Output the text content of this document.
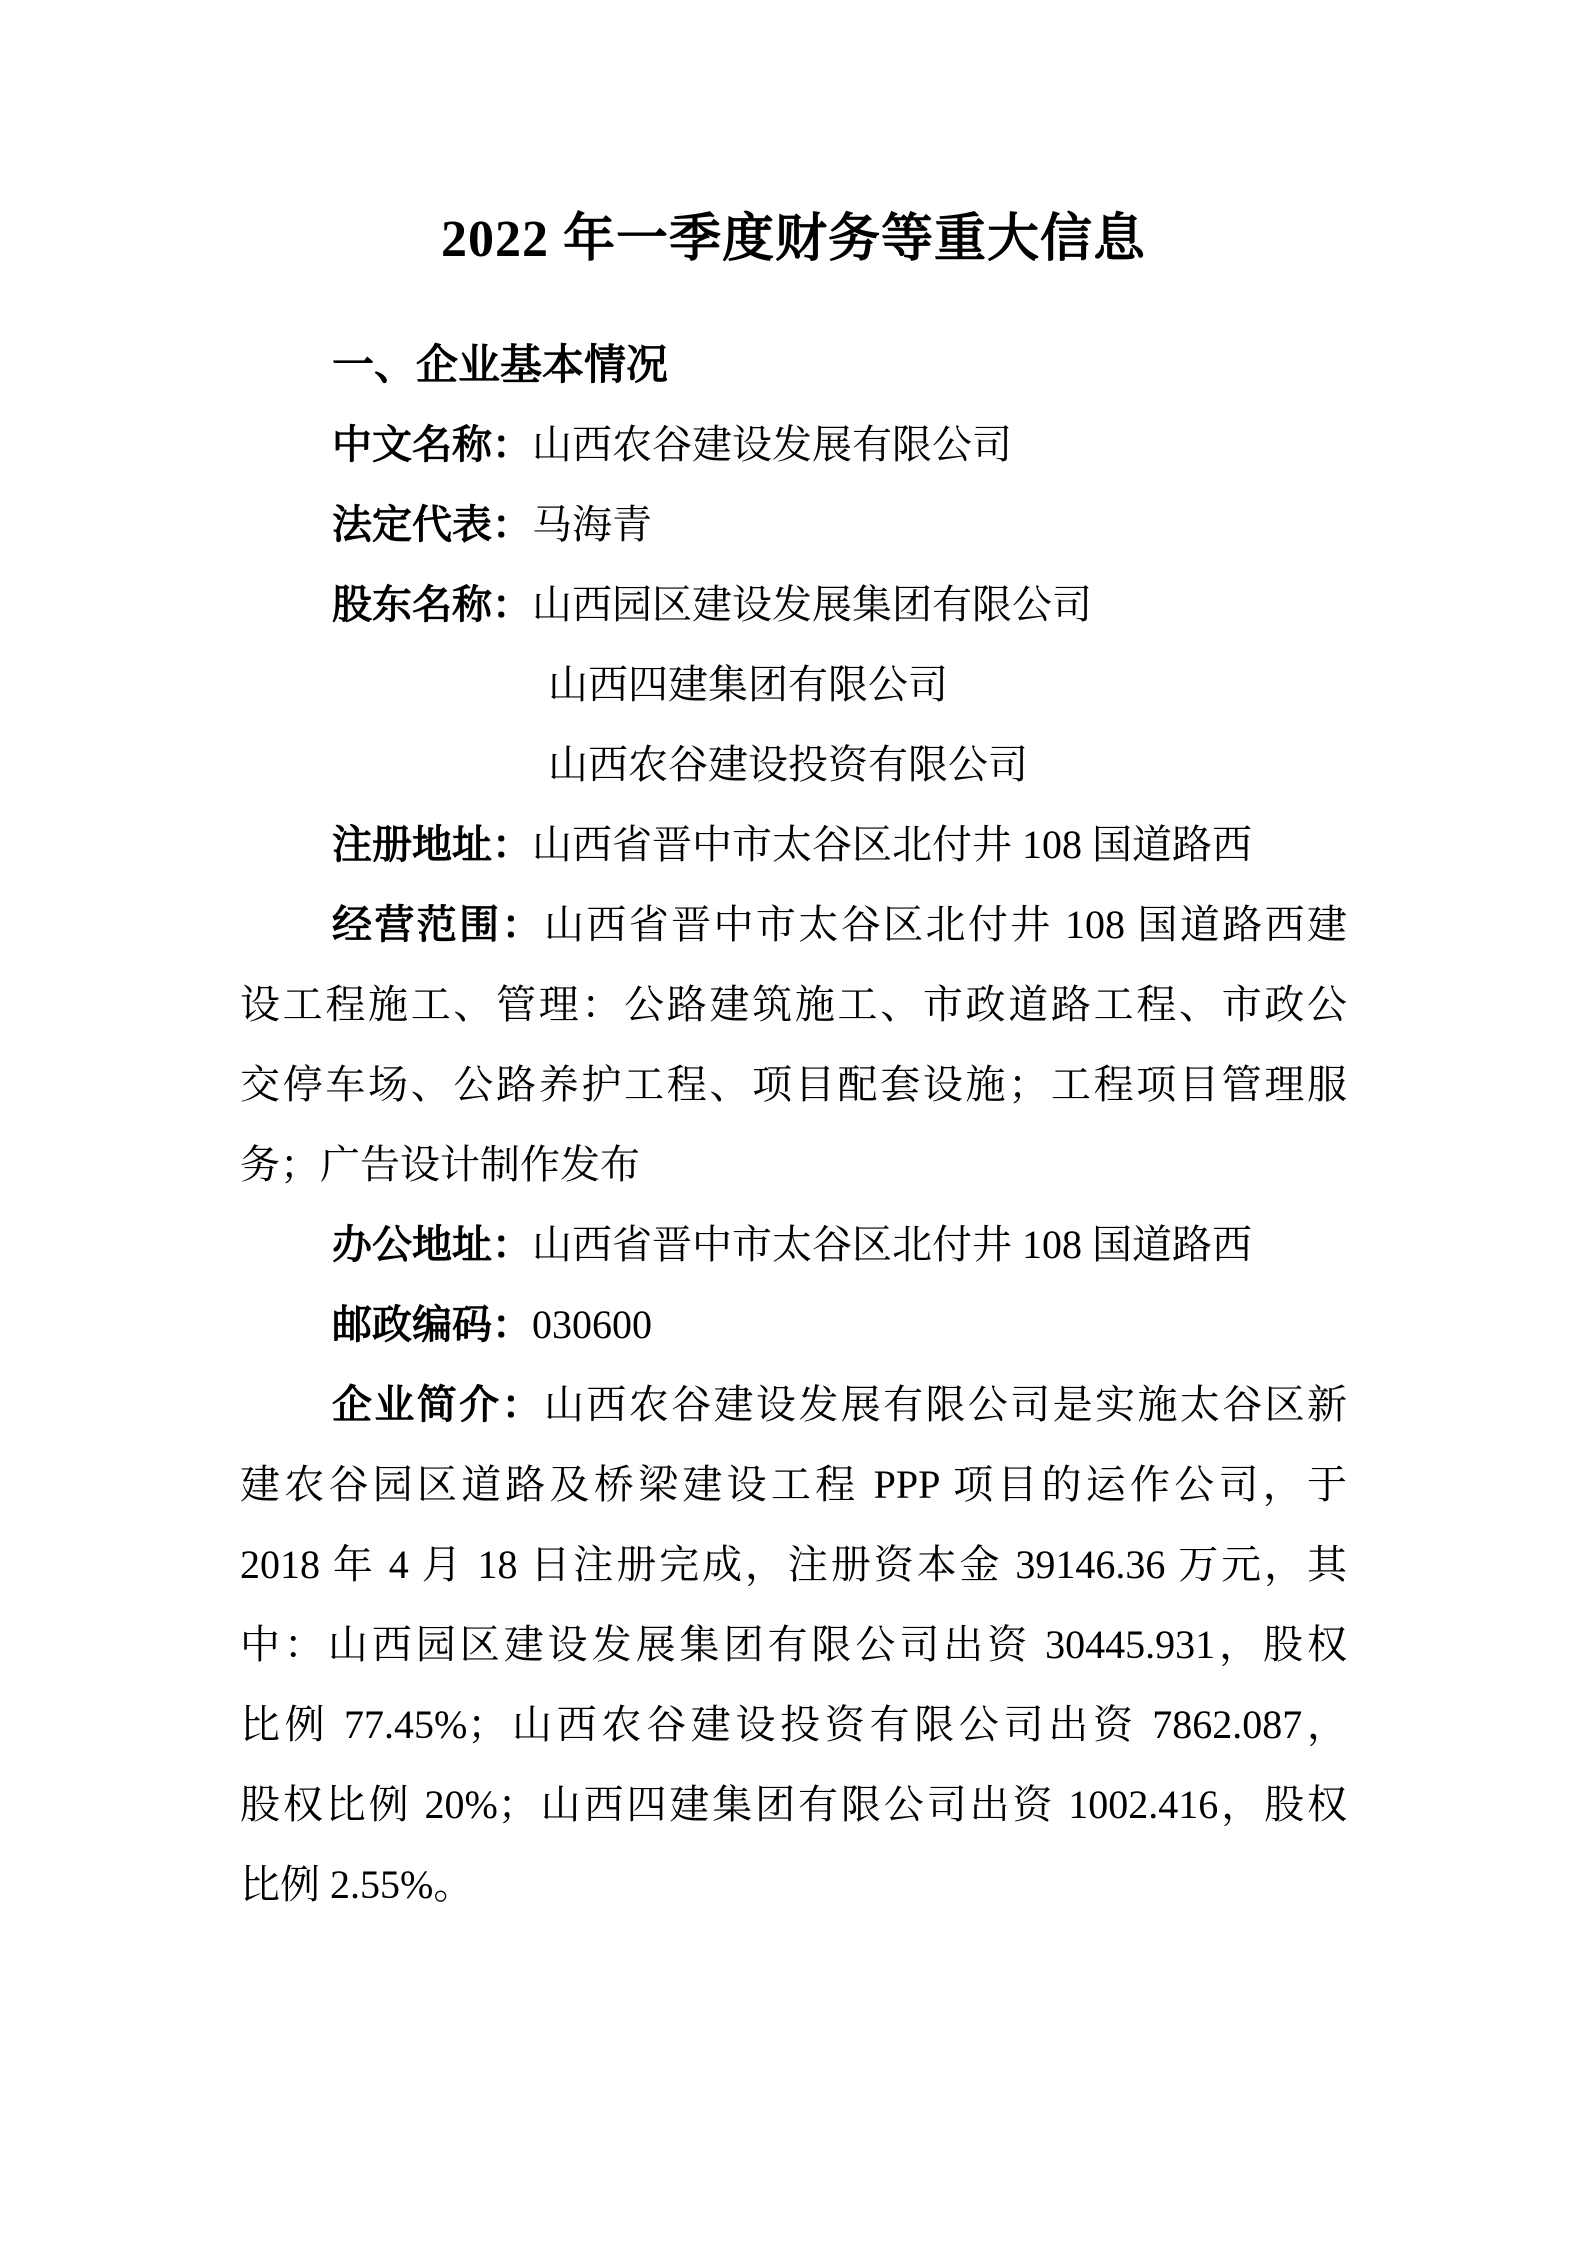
2022 年一季度财务等重大信息
一、企业基本情况
中文名称：山西农谷建设发展有限公司
法定代表：马海青
股东名称：山西园区建设发展集团有限公司
山西四建集团有限公司
山西农谷建设投资有限公司
注册地址：山西省晋中市太谷区北付井 108 国道路西
经营范围：山西省晋中市太谷区北付井 108 国道路西建
设工程施工、管理：公路建筑施工、市政道路工程、市政公
交停车场、公路养护工程、项目配套设施；工程项目管理服
务；广告设计制作发布
办公地址：山西省晋中市太谷区北付井 108 国道路西
邮政编码：030600
企业简介：山西农谷建设发展有限公司是实施太谷区新
建农谷园区道路及桥梁建设工程 PPP 项目的运作公司，于
2018 年 4 月 18 日注册完成，注册资本金 39146.36 万元，其
中：山西园区建设发展集团有限公司出资 30445.931，股权
比例 77.45%；山西农谷建设投资有限公司出资 7862.087，
股权比例 20%；山西四建集团有限公司出资 1002.416，股权
比例 2.55%。
